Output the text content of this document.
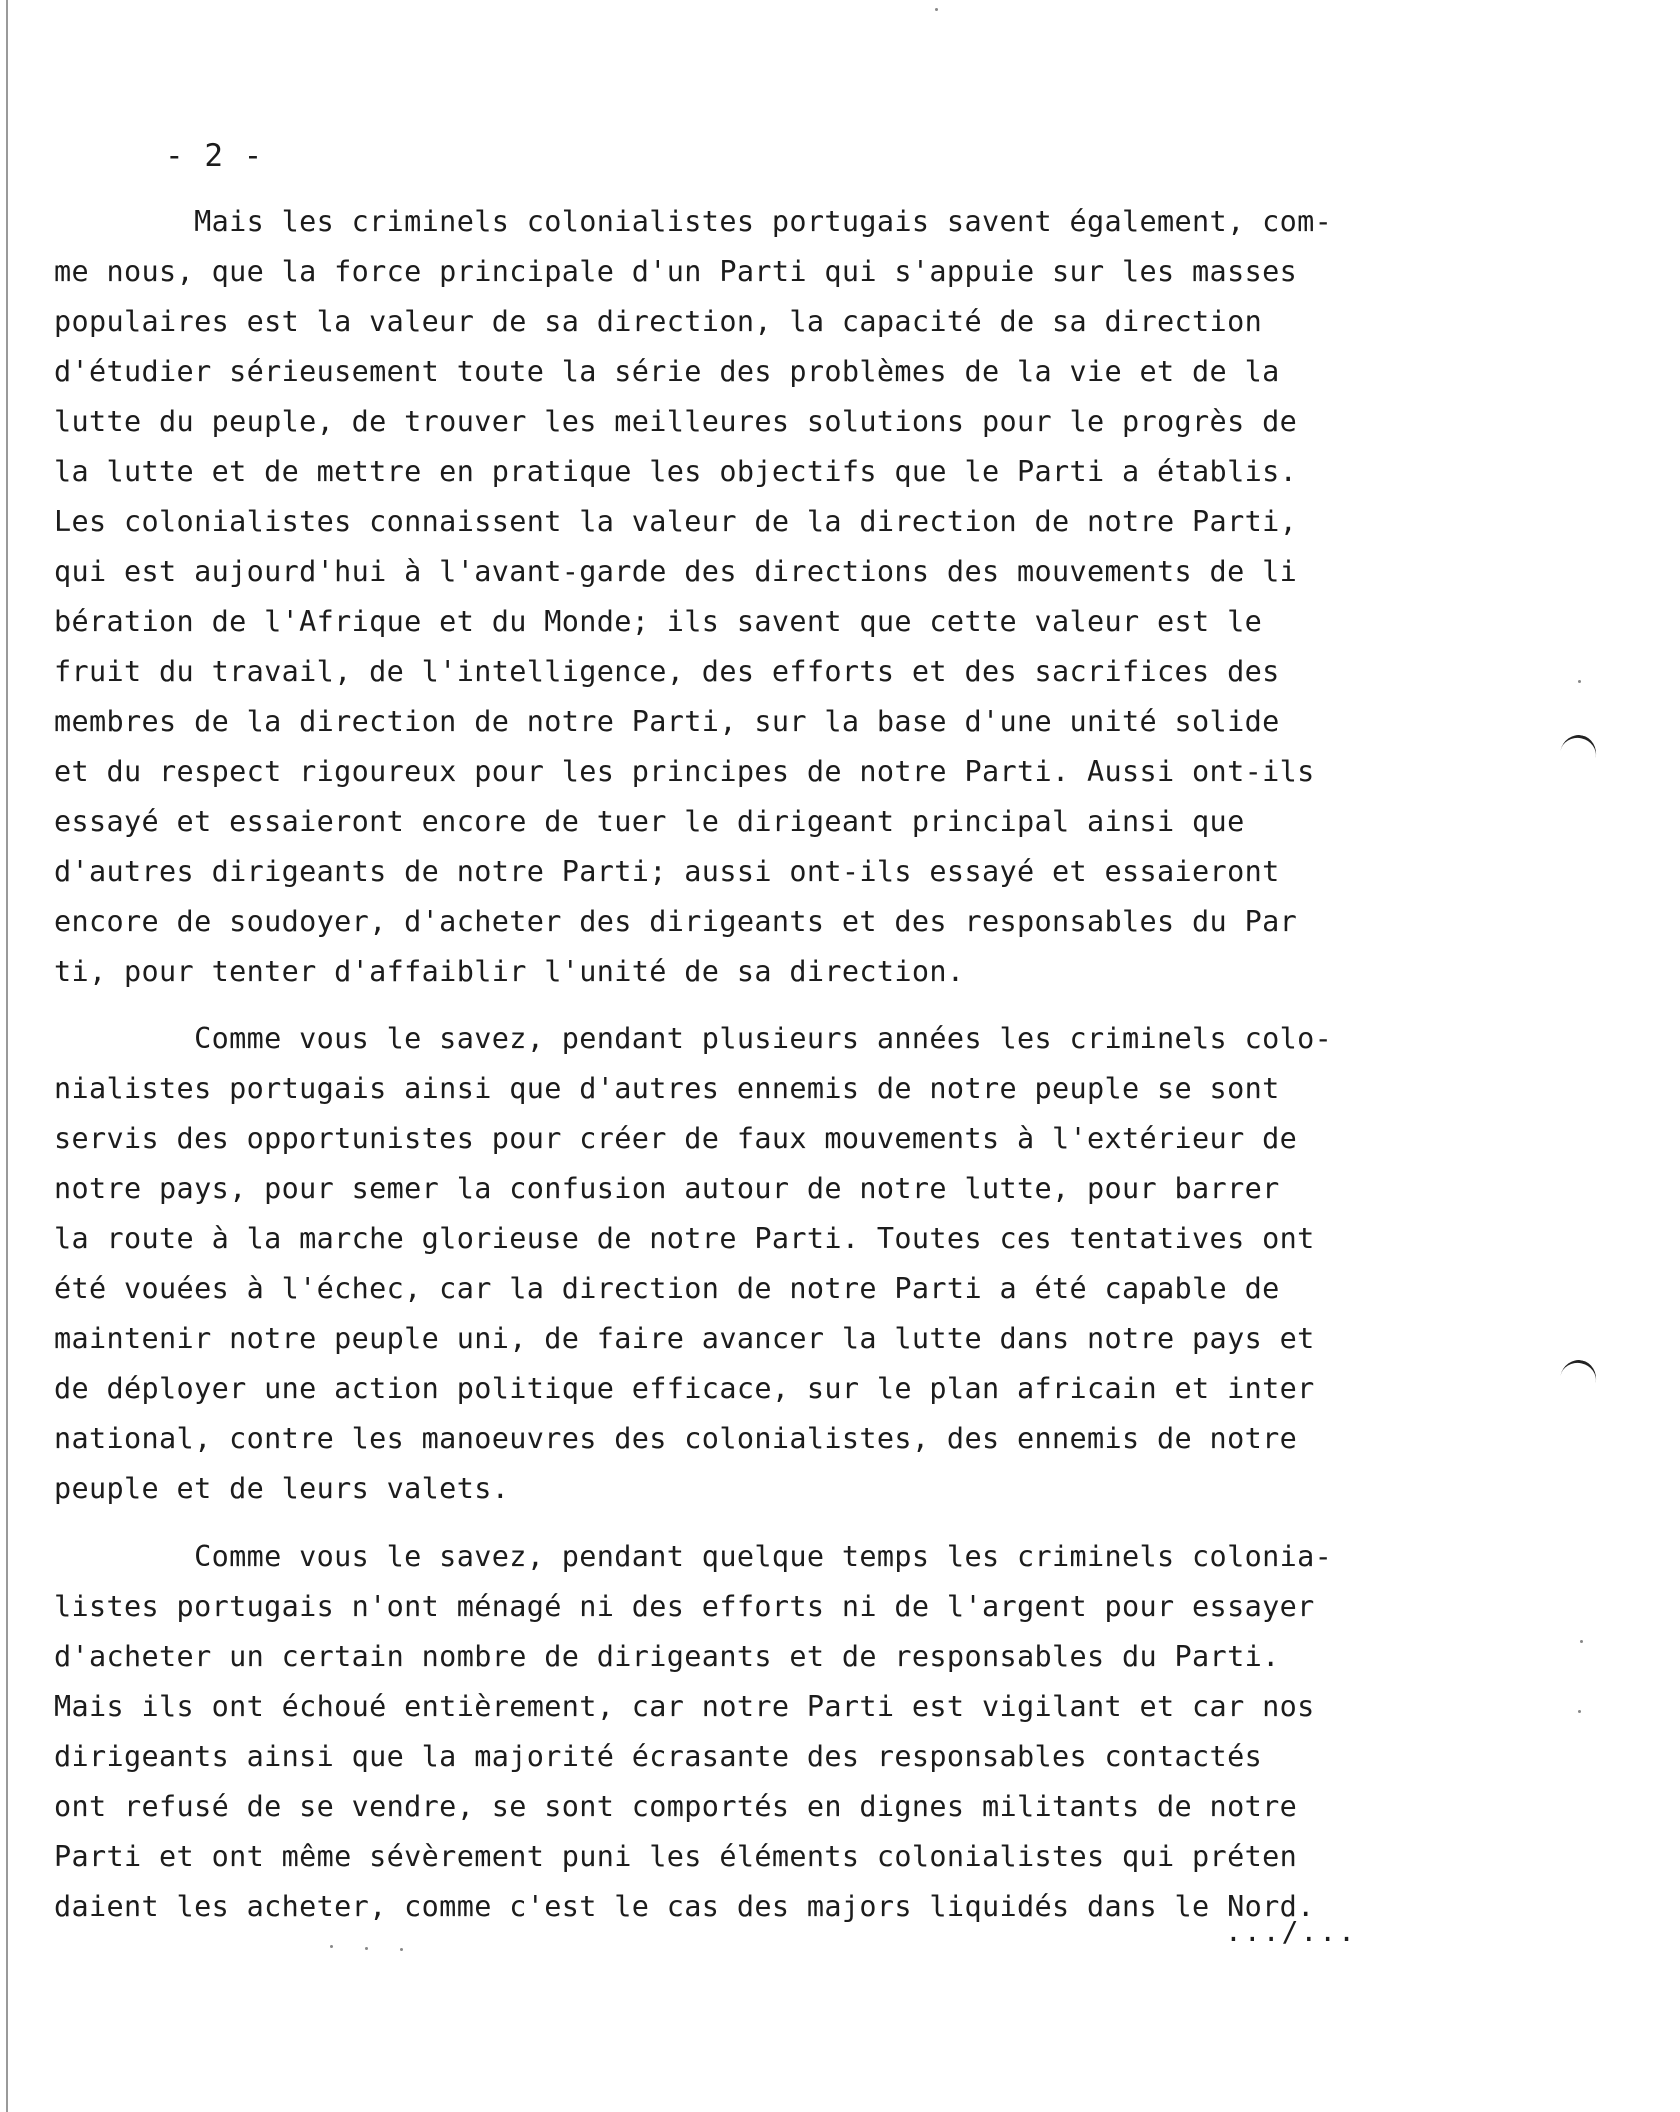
- 2 -
Mais les criminels colonialistes portugais savent également, com-
me nous, que la force principale d'un Parti qui s'appuie sur les masses
populaires est la valeur de sa direction, la capacité de sa direction
d'étudier sérieusement toute la série des problèmes de la vie et de la
lutte du peuple, de trouver les meilleures solutions pour le progrès de
la lutte et de mettre en pratique les objectifs que le Parti a établis.
Les colonialistes connaissent la valeur de la direction de notre Parti,
qui est aujourd'hui à l'avant-garde des directions des mouvements de li
bération de l'Afrique et du Monde; ils savent que cette valeur est le
fruit du travail, de l'intelligence, des efforts et des sacrifices des
membres de la direction de notre Parti, sur la base d'une unité solide
et du respect rigoureux pour les principes de notre Parti. Aussi ont-ils
essayé et essaieront encore de tuer le dirigeant principal ainsi que
d'autres dirigeants de notre Parti; aussi ont-ils essayé et essaieront
encore de soudoyer, d'acheter des dirigeants et des responsables du Par
ti, pour tenter d'affaiblir l'unité de sa direction.
Comme vous le savez, pendant plusieurs années les criminels colo-
nialistes portugais ainsi que d'autres ennemis de notre peuple se sont
servis des opportunistes pour créer de faux mouvements à l'extérieur de
notre pays, pour semer la confusion autour de notre lutte, pour barrer
la route à la marche glorieuse de notre Parti. Toutes ces tentatives ont
été vouées à l'échec, car la direction de notre Parti a été capable de
maintenir notre peuple uni, de faire avancer la lutte dans notre pays et
de déployer une action politique efficace, sur le plan africain et inter
national, contre les manoeuvres des colonialistes, des ennemis de notre
peuple et de leurs valets.
Comme vous le savez, pendant quelque temps les criminels colonia-
listes portugais n'ont ménagé ni des efforts ni de l'argent pour essayer
d'acheter un certain nombre de dirigeants et de responsables du Parti.
Mais ils ont échoué entièrement, car notre Parti est vigilant et car nos
dirigeants ainsi que la majorité écrasante des responsables contactés
ont refusé de se vendre, se sont comportés en dignes militants de notre
Parti et ont même sévèrement puni les éléments colonialistes qui préten
daient les acheter, comme c'est le cas des majors liquidés dans le Nord.
.../...
